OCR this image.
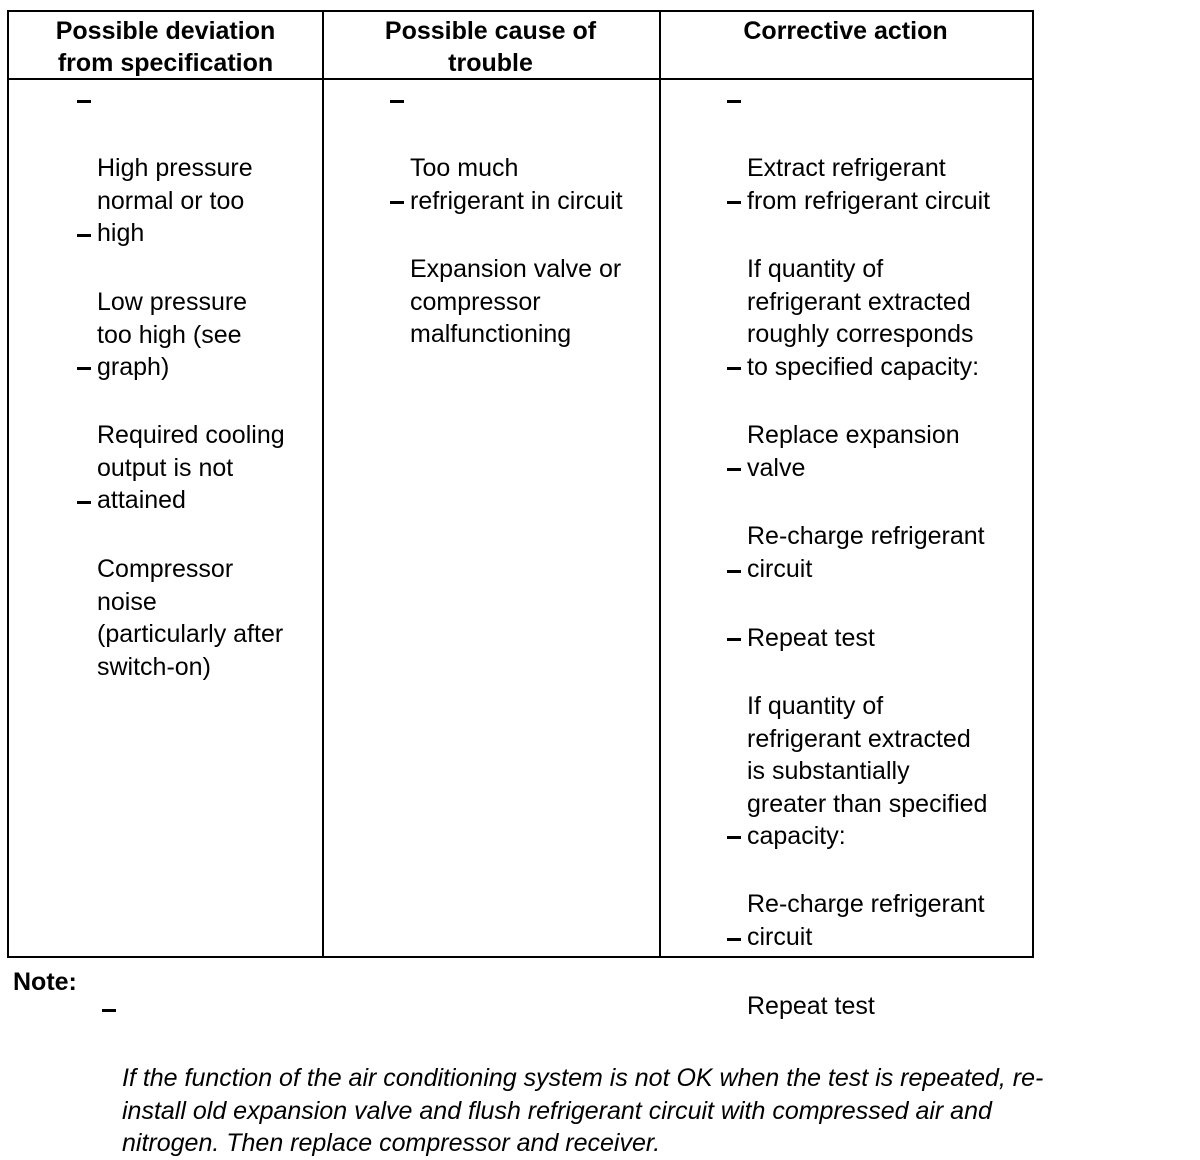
Possible deviation
from specification

High pressure
normal or too
high

Low pressure
too high (see
graph)

Required cooling
output is not
attained

Compressor
noise
(particularly after
switch-on)

Possible cause of
trouble

Too much
refrigerant in circuit

Expansion valve or
compressor
malfunctioning

Corrective action

Extract refrigerant
from refrigerant circuit

If quantity of
refrigerant extracted
roughly corresponds
to specified capacity:

Replace expansion
valve

Re-charge refrigerant
circuit

Repeat test

If quantity of
refrigerant extracted
is substantially
greater than specified
capacity:

Re-charge refrigerant
circuit

Repeat test

Note:

If the function of the air conditioning system is not OK when the test is repeated, re-
install old expansion valve and flush refrigerant circuit with compressed air and
nitrogen. Then replace compressor and receiver.
